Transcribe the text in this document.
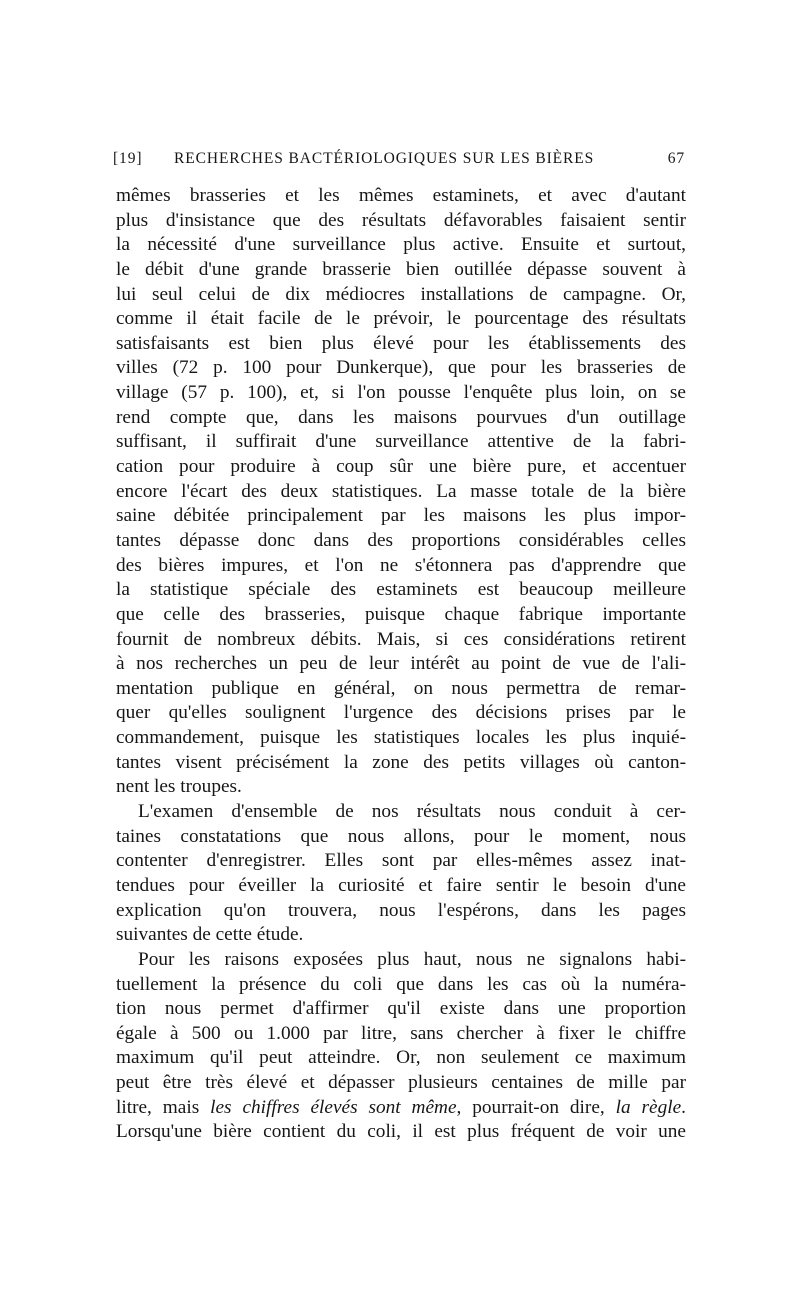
[19] RECHERCHES BACTÉRIOLOGIQUES SUR LES BIÈRES	67
mêmes brasseries et les mêmes estaminets, et avec d'autant
plus d'insistance que des résultats défavorables faisaient sentir
la nécessité d'une surveillance plus active. Ensuite et surtout,
le débit d'une grande brasserie bien outillée dépasse souvent à
lui seul celui de dix médiocres installations de campagne. Or,
comme il était facile de le prévoir, le pourcentage des résultats
satisfaisants est bien plus élevé pour les établissements des
villes (72 p. 100 pour Dunkerque), que pour les brasseries de
village (57 p. 100), et, si l'on pousse l'enquête plus loin, on se
rend compte que, dans les maisons pourvues d'un outillage
suffisant, il suffirait d'une surveillance attentive de la fabri-
cation pour produire à coup sûr une bière pure, et accentuer
encore l'écart des deux statistiques. La masse totale de la bière
saine débitée principalement par les maisons les plus impor-
tantes dépasse donc dans des proportions considérables celles
des bières impures, et l'on ne s'étonnera pas d'apprendre que
la statistique spéciale des estaminets est beaucoup meilleure
que celle des brasseries, puisque chaque fabrique importante
fournit de nombreux débits. Mais, si ces considérations retirent
à nos recherches un peu de leur intérêt au point de vue de l'ali-
mentation publique en général, on nous permettra de remar-
quer qu'elles soulignent l'urgence des décisions prises par le
commandement, puisque les statistiques locales les plus inquié-
tantes visent précisément la zone des petits villages où canton-
nent les troupes.
L'examen d'ensemble de nos résultats nous conduit à cer-
taines constatations que nous allons, pour le moment, nous
contenter d'enregistrer. Elles sont par elles-mêmes assez inat-
tendues pour éveiller la curiosité et faire sentir le besoin d'une
explication qu'on trouvera, nous l'espérons, dans les pages
suivantes de cette étude.
Pour les raisons exposées plus haut, nous ne signalons habi-
tuellement la présence du coli que dans les cas où la numéra-
tion nous permet d'affirmer qu'il existe dans une proportion
égale à 500 ou 1.000 par litre, sans chercher à fixer le chiffre
maximum qu'il peut atteindre. Or, non seulement ce maximum
peut être très élevé et dépasser plusieurs centaines de mille par
litre, mais les chiffres élevés sont même, pourrait-on dire, la règle.
Lorsqu'une bière contient du coli, il est plus fréquent de voir une
